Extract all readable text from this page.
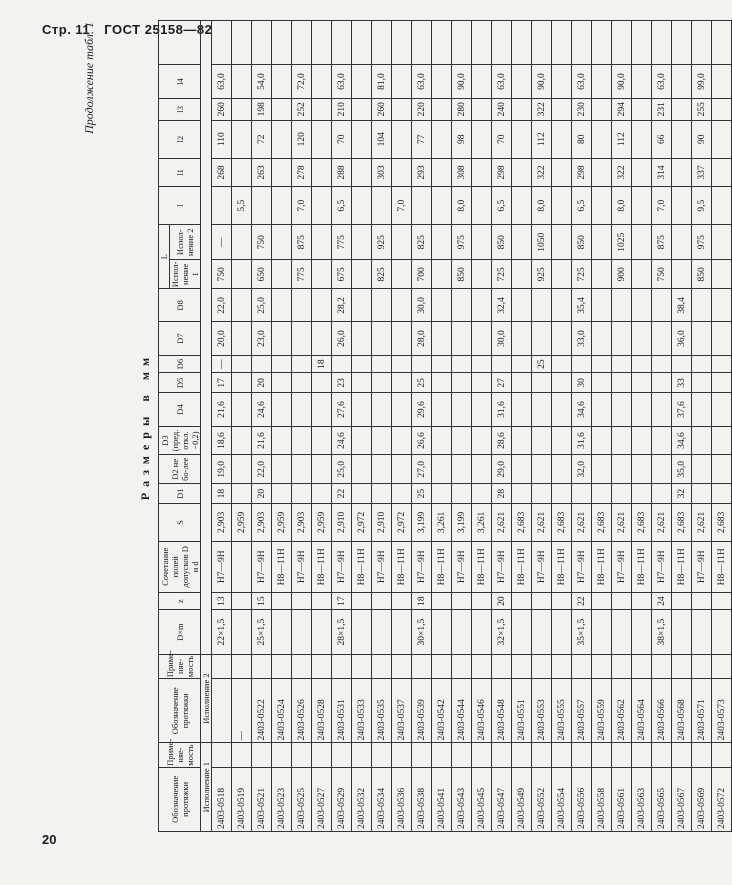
Стр. 11 ГОСТ 25158—82
Продолжение табл. 1
Размеры в мм
Обозначение протяжки	Приме-няе-мость	Обозначение протяжки	Приме-няе-мость	D×m	z	Сочетание полей допусков D и d	S	D1	D2 не бо-лее	D3 (пред. откл. −0,2)	D4	D5	D6	D7	D8	L		l	l1	l2	l3	l4	
																Испол-нение 1	Испол-нение 2						
Исполнение 1		Исполнение 2																					
2403-0518				22×1,5	13	H7—9H	2,903	18	19,0	18,6	21,6	17	—	20,0	22,0	750	—		268	110	260	63,0	
2403-0519		—					2,959											5,5					
2403-0521		2403-0522		25×1,5	15	H7—9H	2,903	20	22,0	21,6	24,6	20		23,0	25,0	650	750		263	72	198	54,0	
2403-0523		2403-0524				H8—11H	2,959																
2403-0525		2403-0526				H7—9H	2,903									775	875	7,0	278	120	252	72,0	
2403-0527		2403-0528				H8—11H	2,959						18										
2403-0529		2403-0531		28×1,5	17	H7—9H	2,910	22	25,0	24,6	27,6	23		26,0	28,2	675	775	6,5	288	70	210	63,0	
2403-0532		2403-0533				H8—11H	2,972																
2403-0534		2403-0535				H7—9H	2,910									825	925		303	104	260	81,0	
2403-0536		2403-0537				H8—11H	2,972											7,0					
2403-0538		2403-0539		30×1,5	18	H7—9H	3,199	25	27,0	26,6	29,6	25		28,0	30,0	700	825		293	77	220	63,0	
2403-0541		2403-0542				H8—11H	3,261																
2403-0543		2403-0544				H7—9H	3,199									850	975	8,0	308	98	280	90,0	
2403-0545		2403-0546				H8—11H	3,261																
2403-0547		2403-0548		32×1,5	20	H7—9H	2,621	28	29,0	28,6	31,6	27		30,0	32,4	725	850	6,5	298	70	240	63,0	
2403-0549		2403-0551				H8—11H	2,683																
2403-0552		2403-0553				H7—9H	2,621						25			925	1050	8,0	322	112	322	90,0	
2403-0554		2403-0555				H8—11H	2,683																
2403-0556		2403-0557		35×1,5	22	H7—9H	2,621		32,0	31,6	34,6	30		33,0	35,4	725	850	6,5	298	80	230	63,0	
2403-0558		2403-0559				H8—11H	2,683																
2403-0561		2403-0562				H7—9H	2,621									900	1025	8,0	322	112	294	90,0	
2403-0563		2403-0564				H8—11H	2,683																
2403-0565		2403-0566		38×1,5	24	H7—9H	2,621									750	875	7,0	314	66	231	63,0	
2403-0567		2403-0568				H8—11H	2,683	32	35,0	34,6	37,6	33		36,0	38,4								
2403-0569		2403-0571				H7—9H	2,621									850	975	9,5	337	90	255	99,0	
2403-0572		2403-0573				H8—11H	2,683																
20
